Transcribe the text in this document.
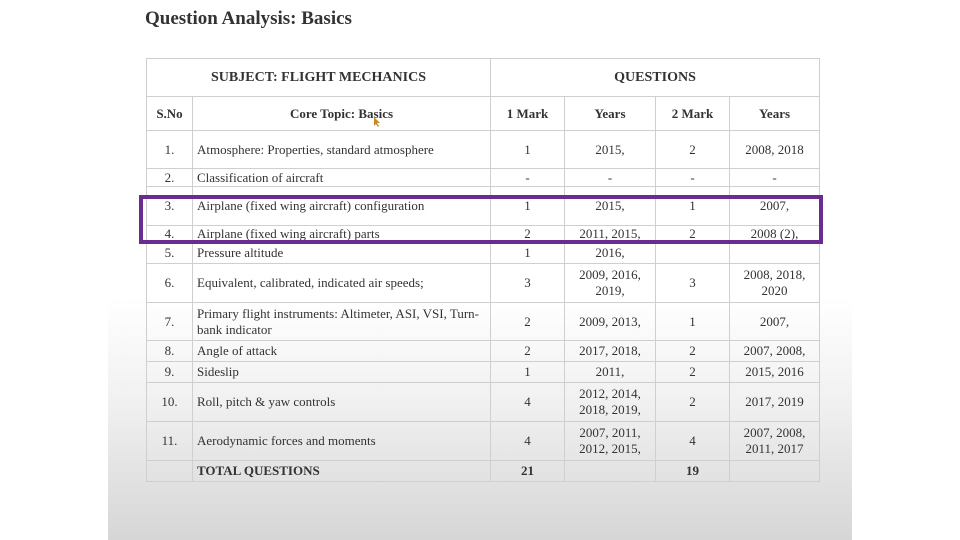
Question Analysis: Basics
SUBJECT: FLIGHT MECHANICS		QUESTIONS			
S.No	Core Topic: Basics	1 Mark	Years	2 Mark	Years
1.	Atmosphere: Properties, standard atmosphere	1	2015,	2	2008, 2018
2.	Classification of aircraft	-	-	-	-
3.	Airplane (fixed wing aircraft) configuration	1	2015,	1	2007,
4.	Airplane (fixed wing aircraft) parts	2	2011, 2015,	2	2008 (2),
5.	Pressure altitude	1	2016,		
6.	Equivalent, calibrated, indicated air speeds;	3	2009, 2016, 2019,	3	2008, 2018, 2020
7.	Primary flight instruments: Altimeter, ASI, VSI, Turn-bank indicator	2	2009, 2013,	1	2007,
8.	Angle of attack	2	2017, 2018,	2	2007, 2008,
9.	Sideslip	1	2011,	2	2015, 2016
10.	Roll, pitch & yaw controls	4	2012, 2014, 2018, 2019,	2	2017, 2019
11.	Aerodynamic forces and moments	4	2007, 2011, 2012, 2015,	4	2007, 2008, 2011, 2017
	TOTAL QUESTIONS	21		19	
